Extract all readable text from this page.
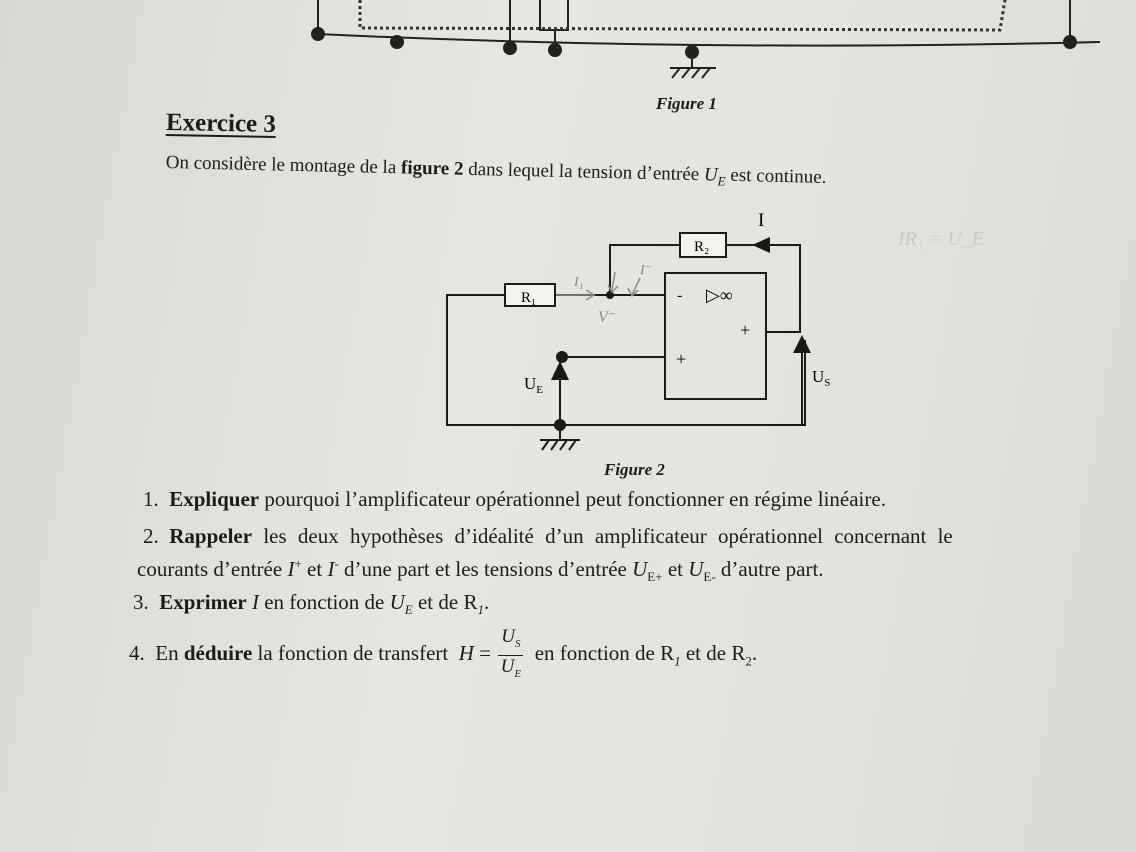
Figure 1
Exercice 3
On considère le montage de la figure 2 dans lequel la tension d’entrée $U_E$ est continue.
I
R₁
R₂
- ▷∞
+
+
$U_E$
$U_S$
I₁
I⁻
V⁻
IR₁ = U_E
Figure 2
1. Expliquer pourquoi l’amplificateur opérationnel peut fonctionner en régime linéaire.
2. Rappeler les deux hypothèses d’idéalité d’un amplificateur opérationnel concernant le
courants d’entrée I+ et I- d’une part et les tensions d’entrée $U_{E+}$ et $U_{E-}$ d’autre part.
3. Exprimer I en fonction de $U_E$ et de $R_1$.
4. En déduire la fonction de transfert  $H = \frac{U_S}{U_E}$ en fonction de $R_1$ et de $R_2$.
